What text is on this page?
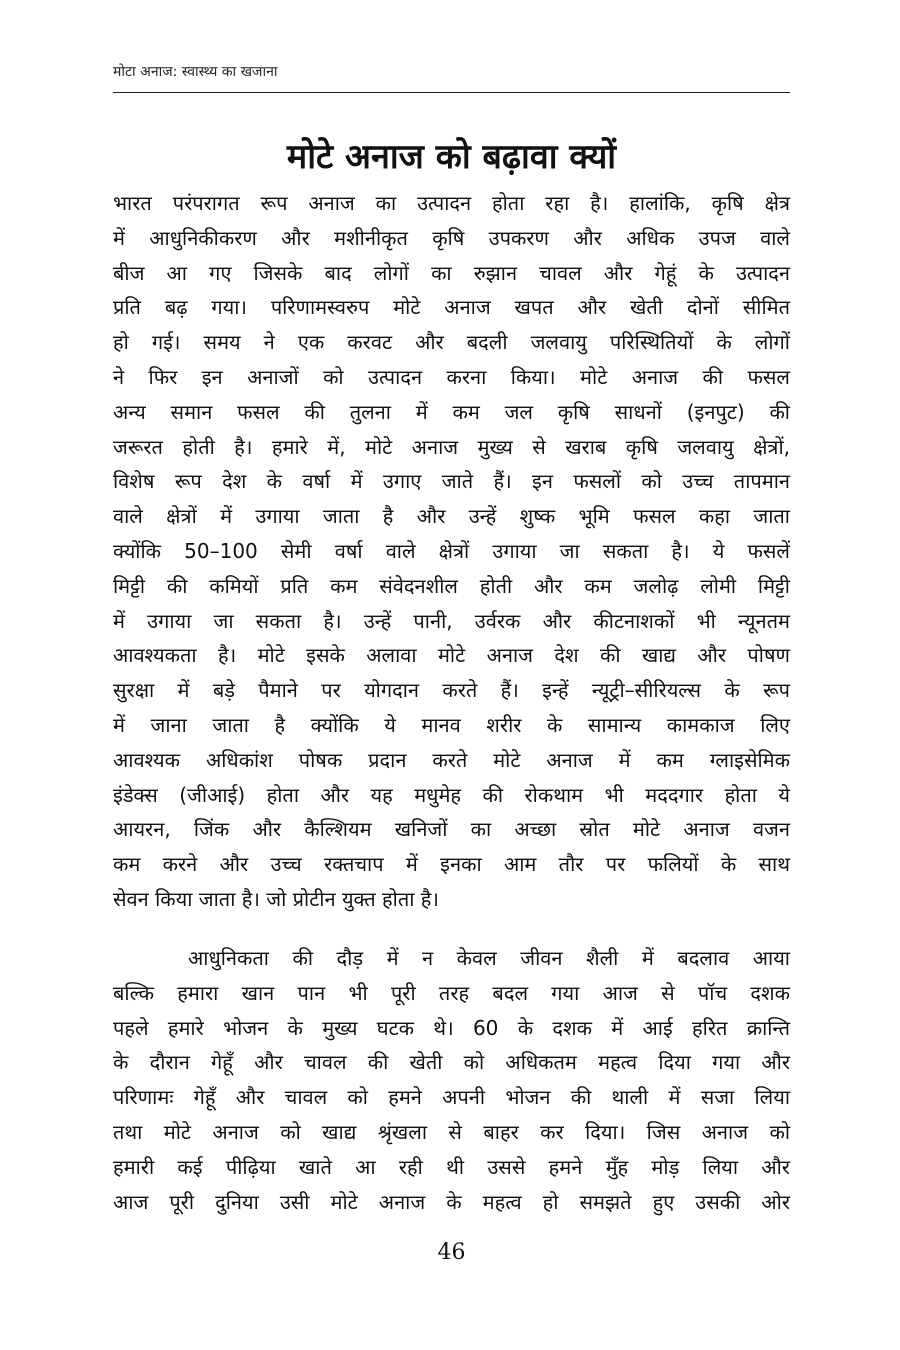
मोटा अनाज: स्वास्थ्य का खजाना
मोटे अनाज को बढ़ावा क्यों
भारत परंपरागत रूप अनाज का उत्पादन होता रहा है। हालांकि, कृषि क्षेत्र
में आधुनिकीकरण और मशीनीकृत कृषि उपकरण और अधिक उपज वाले
बीज आ गए जिसके बाद लोगों का रुझान चावल और गेहूं के उत्पादन
प्रति बढ़ गया। परिणामस्वरुप मोटे अनाज खपत और खेती दोनों सीमित
हो गई। समय ने एक करवट और बदली जलवायु परिस्थितियों के लोगों
ने फिर इन अनाजों को उत्पादन करना किया। मोटे अनाज की फसल
अन्य समान फसल की तुलना में कम जल कृषि साधनों (इनपुट) की
जरूरत होती है। हमारे में, मोटे अनाज मुख्य से खराब कृषि जलवायु क्षेत्रों,
विशेष रूप देश के वर्षा में उगाए जाते हैं। इन फसलों को उच्च तापमान
वाले क्षेत्रों में उगाया जाता है और उन्हें शुष्क भूमि फसल कहा जाता
क्योंकि 50–100 सेमी वर्षा वाले क्षेत्रों उगाया जा सकता है। ये फसलें
मिट्टी की कमियों प्रति कम संवेदनशील होती और कम जलोढ़ लोमी मिट्टी
में उगाया जा सकता है। उन्हें पानी, उर्वरक और कीटनाशकों भी न्यूनतम
आवश्यकता है। मोटे इसके अलावा मोटे अनाज देश की खाद्य और पोषण
सुरक्षा में बड़े पैमाने पर योगदान करते हैं। इन्हें न्यूट्री–सीरियल्स के रूप
में जाना जाता है क्योंकि ये मानव शरीर के सामान्य कामकाज लिए
आवश्यक अधिकांश पोषक प्रदान करते मोटे अनाज में कम ग्लाइसेमिक
इंडेक्स (जीआई) होता और यह मधुमेह की रोकथाम भी मददगार होता ये
आयरन, जिंक और कैल्शियम खनिजों का अच्छा स्रोत मोटे अनाज वजन
कम करने और उच्च रक्तचाप में इनका आम तौर पर फलियों के साथ
सेवन किया जाता है। जो प्रोटीन युक्त होता है।
आधुनिकता की दौड़ में न केवल जीवन शैली में बदलाव आया
बल्कि हमारा खान पान भी पूरी तरह बदल गया आज से पॉच दशक
पहले हमारे भोजन के मुख्य घटक थे। 60 के दशक में आई हरित क्रान्ति
के दौरान गेहूँ और चावल की खेती को अधिकतम महत्व दिया गया और
परिणामः गेहूँ और चावल को हमने अपनी भोजन की थाली में सजा लिया
तथा मोटे अनाज को खाद्य श्रृंखला से बाहर कर दिया। जिस अनाज को
हमारी कई पीढ़िया खाते आ रही थी उससे हमने मुँह मोड़ लिया और
आज पूरी दुनिया उसी मोटे अनाज के महत्व हो समझते हुए उसकी ओर
46
